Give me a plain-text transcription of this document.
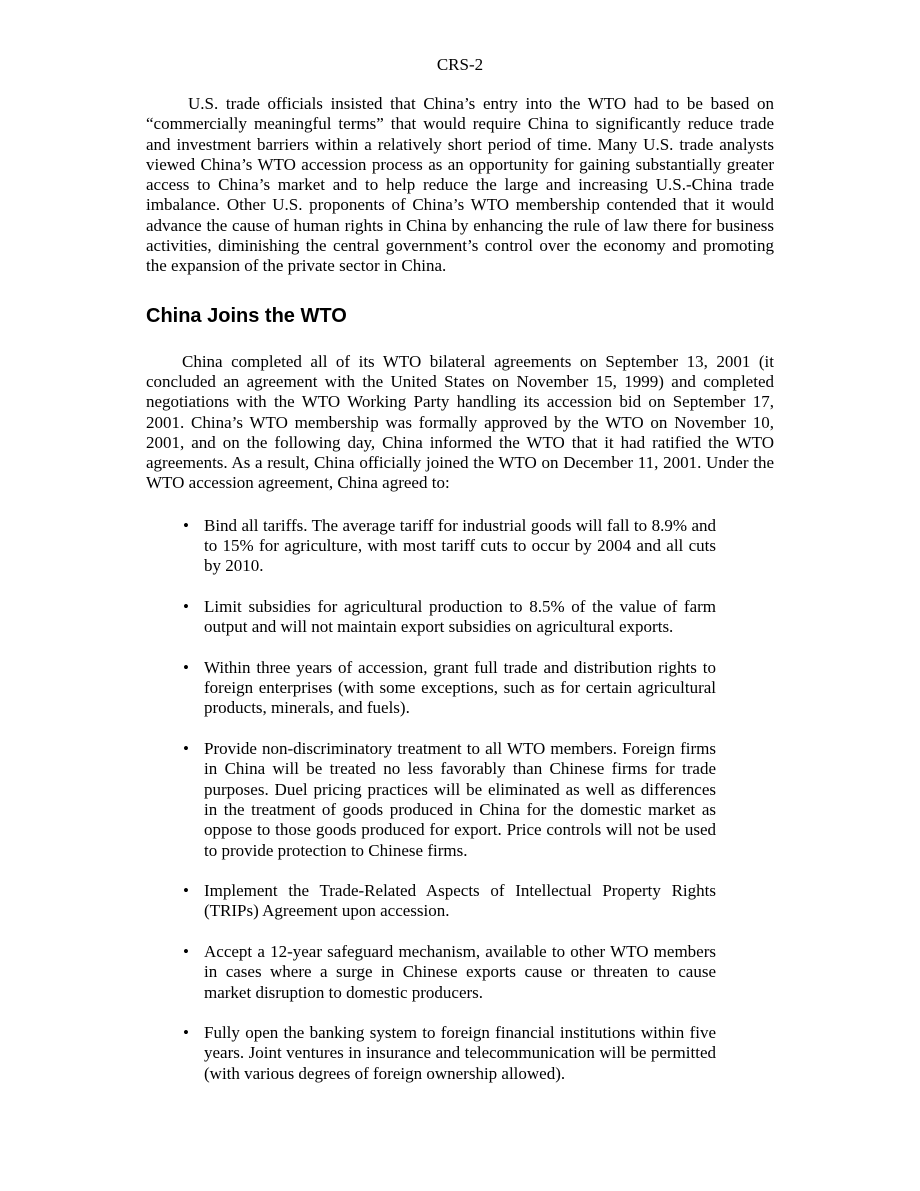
CRS-2

U.S. trade officials insisted that China’s entry into the WTO had to be based on “commercially meaningful terms” that would require China to significantly reduce trade and investment barriers within a relatively short period of time. Many U.S. trade analysts viewed China’s WTO accession process as an opportunity for gaining substantially greater access to China’s market and to help reduce the large and increasing U.S.-China trade imbalance. Other U.S. proponents of China’s WTO membership contended that it would advance the cause of human rights in China by enhancing the rule of law there for business activities, diminishing the central government’s control over the economy and promoting the expansion of the private sector in China.

China Joins the WTO

China completed all of its WTO bilateral agreements on September 13, 2001 (it concluded an agreement with the United States on November 15, 1999) and completed negotiations with the WTO Working Party handling its accession bid on September 17, 2001. China’s WTO membership was formally approved by the WTO on November 10, 2001, and on the following day, China informed the WTO that it had ratified the WTO agreements. As a result, China officially joined the WTO on December 11, 2001. Under the WTO accession agreement, China agreed to:

• Bind all tariffs. The average tariff for industrial goods will fall to 8.9% and to 15% for agriculture, with most tariff cuts to occur by 2004 and all cuts by 2010.
• Limit subsidies for agricultural production to 8.5% of the value of farm output and will not maintain export subsidies on agricultural exports.
• Within three years of accession, grant full trade and distribution rights to foreign enterprises (with some exceptions, such as for certain agricultural products, minerals, and fuels).
• Provide non-discriminatory treatment to all WTO members. Foreign firms in China will be treated no less favorably than Chinese firms for trade purposes. Duel pricing practices will be eliminated as well as differences in the treatment of goods produced in China for the domestic market as oppose to those goods produced for export. Price controls will not be used to provide protection to Chinese firms.
• Implement the Trade-Related Aspects of Intellectual Property Rights (TRIPs) Agreement upon accession.
• Accept a 12-year safeguard mechanism, available to other WTO members in cases where a surge in Chinese exports cause or threaten to cause market disruption to domestic producers.
• Fully open the banking system to foreign financial institutions within five years. Joint ventures in insurance and telecommunication will be permitted (with various degrees of foreign ownership allowed).
